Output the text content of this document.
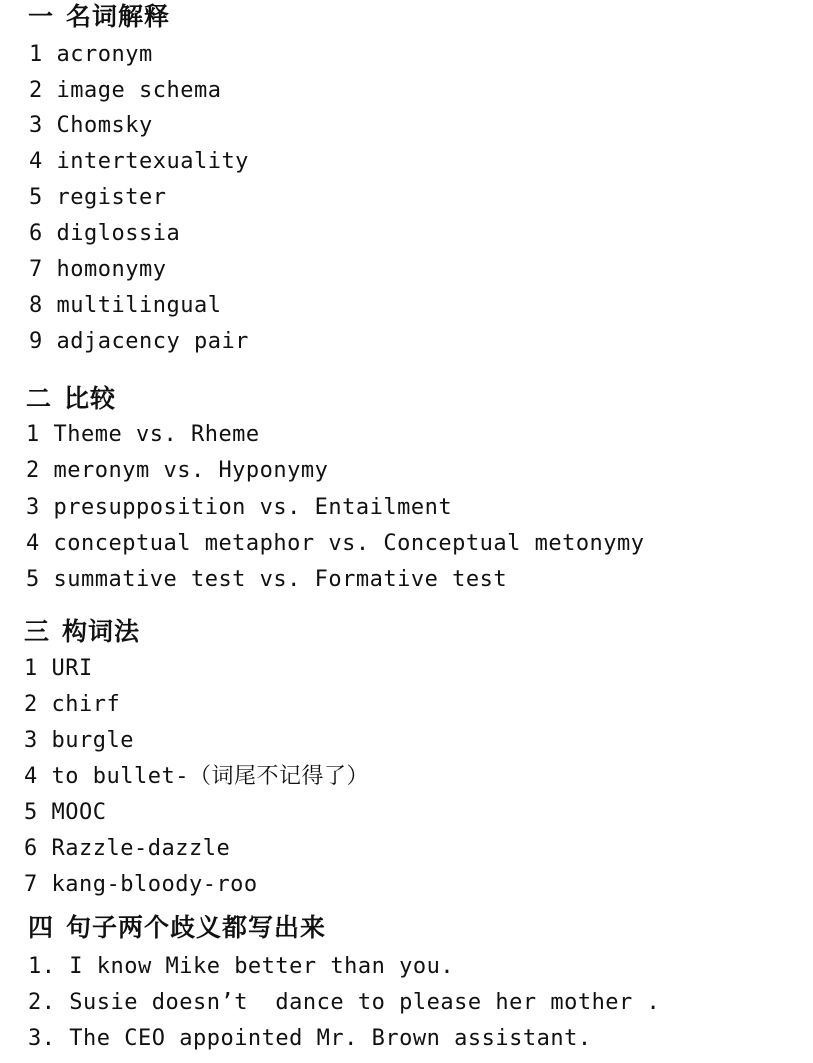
一 名词解释
1 acronym
2 image schema
3 Chomsky
4 intertexuality
5 register
6 diglossia
7 homonymy
8 multilingual
9 adjacency pair
二 比较
1 Theme vs. Rheme
2 meronym vs. Hyponymy
3 presupposition vs. Entailment
4 conceptual metaphor vs. Conceptual metonymy
5 summative test vs. Formative test
三 构词法
1 URI
2 chirf
3 burgle
4 to bullet-（词尾不记得了）
5 MOOC
6 Razzle-dazzle
7 kang-bloody-roo
四 句子两个歧义都写出来
1. I know Mike better than you.
2. Susie doesn’t  dance to please her mother .
3. The CEO appointed Mr. Brown assistant.
